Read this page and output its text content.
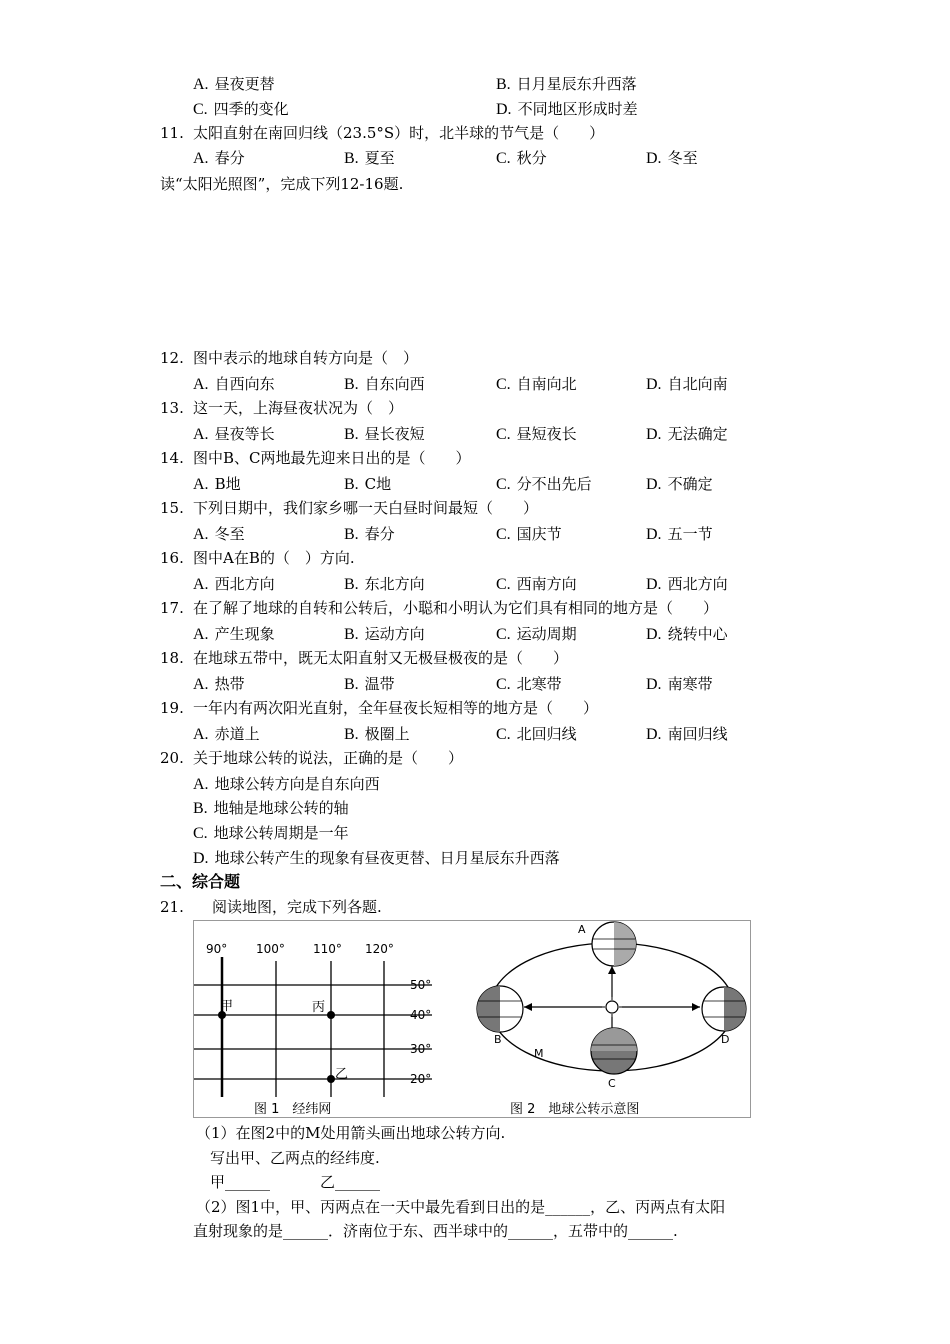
A. 昼夜更替	B. 日月星辰东升西落
C. 四季的变化	D. 不同地区形成时差
11. 太阳直射在南回归线（23.5°S）时，北半球的节气是（　　）
A. 春分	B. 夏至	C. 秋分	D. 冬至
读“太阳光照图”，完成下列12-16题.
12. 图中表示的地球自转方向是（　）
A. 自西向东	B. 自东向西	C. 自南向北	D. 自北向南
13. 这一天，上海昼夜状况为（　）
A. 昼夜等长	B. 昼长夜短	C. 昼短夜长	D. 无法确定
14. 图中B、C两地最先迎来日出的是（　　）
A. B地	B. C地	C. 分不出先后	D. 不确定
15. 下列日期中，我们家乡哪一天白昼时间最短（　　）
A. 冬至	B. 春分	C. 国庆节	D. 五一节
16. 图中A在B的（　）方向.
A. 西北方向	B. 东北方向	C. 西南方向	D. 西北方向
17. 在了解了地球的自转和公转后，小聪和小明认为它们具有相同的地方是（　　）
A. 产生现象	B. 运动方向	C. 运动周期	D. 绕转中心
18. 在地球五带中，既无太阳直射又无极昼极夜的是（　　）
A. 热带	B. 温带	C. 北寒带	D. 南寒带
19. 一年内有两次阳光直射，全年昼夜长短相等的地方是（　　）
A. 赤道上	B. 极圈上	C. 北回归线	D. 南回归线
20. 关于地球公转的说法，正确的是（　　）
A. 地球公转方向是自东向西
B. 地轴是地球公转的轴
C. 地球公转周期是一年
D. 地球公转产生的现象有昼夜更替、日月星辰东升西落
二、综合题
21. 阅读地图，完成下列各题.
90° 100° 110° 120°
50°
40°
30°
20°
甲	丙
乙
图 1　经纬网
A
B
C
D
M
图 2　地球公转示意图
（1）在图2中的M处用箭头画出地球公转方向.
写出甲、乙两点的经纬度.
甲______	乙______
（2）图1中，甲、丙两点在一天中最先看到日出的是______，乙、丙两点有太阳
直射现象的是______．济南位于东、西半球中的______，五带中的______.
